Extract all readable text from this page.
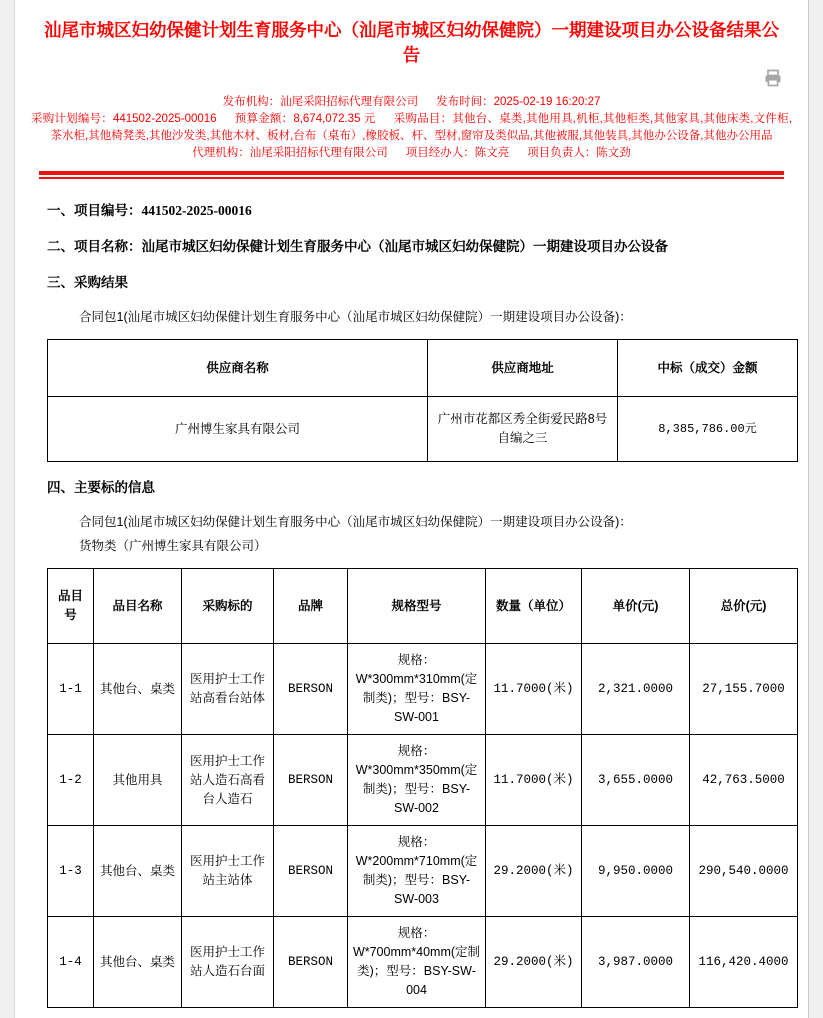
汕尾市城区妇幼保健计划生育服务中心（汕尾市城区妇幼保健院）一期建设项目办公设备结果公告
发布机构：汕尾采阳招标代理有限公司 发布时间：2025-02-19 16:20:27
采购计划编号：441502-2025-00016 预算金额：8,674,072.35 元 采购品目：其他台、桌类,其他用具,机柜,其他柜类,其他家具,其他床类,文件柜,茶水柜,其他椅凳类,其他沙发类,其他木材、板材,台布（桌布）,橡胶板、杆、型材,窗帘及类似品,其他被服,其他装具,其他办公设备,其他办公用品
代理机构：汕尾采阳招标代理有限公司 项目经办人：陈文亮 项目负责人：陈文劲
一、项目编号：441502-2025-00016
二、项目名称：汕尾市城区妇幼保健计划生育服务中心（汕尾市城区妇幼保健院）一期建设项目办公设备
三、采购结果
合同包1(汕尾市城区妇幼保健计划生育服务中心（汕尾市城区妇幼保健院）一期建设项目办公设备)：
供应商名称	供应商地址	中标（成交）金额
广州博生家具有限公司	广州市花都区秀全街爱民路8号自编之三	8,385,786.00元
四、主要标的信息
合同包1(汕尾市城区妇幼保健计划生育服务中心（汕尾市城区妇幼保健院）一期建设项目办公设备)：
货物类（广州博生家具有限公司）
品目号	品目名称	采购标的	品牌	规格型号	数量（单位）	单价(元)	总价(元)
1-1	其他台、桌类	医用护士工作站高看台站体	BERSON	规格：W*300mm*310mm(定制类)；型号：BSY-SW-001	11.7000(米)	2,321.0000	27,155.7000
1-2	其他用具	医用护士工作站人造石高看台人造石	BERSON	规格：W*300mm*350mm(定制类)；型号：BSY-SW-002	11.7000(米)	3,655.0000	42,763.5000
1-3	其他台、桌类	医用护士工作站主站体	BERSON	规格：W*200mm*710mm(定制类)；型号：BSY-SW-003	29.2000(米)	9,950.0000	290,540.0000
1-4	其他台、桌类	医用护士工作站人造石台面	BERSON	规格：W*700mm*40mm(定制类)；型号：BSY-SW-004	29.2000(米)	3,987.0000	116,420.4000
